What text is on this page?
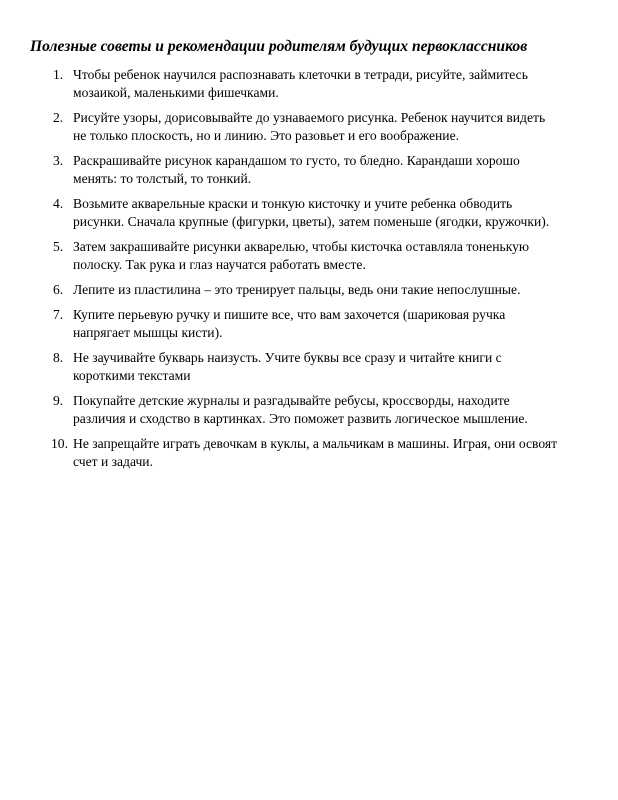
Полезные советы и рекомендации родителям будущих первоклассников
1. Чтобы ребенок научился распознавать клеточки в тетради, рисуйте, займитесь
мозаикой, маленькими фишечками.
2. Рисуйте узоры, дорисовывайте до узнаваемого рисунка. Ребенок научится видеть
не только плоскость, но и линию. Это разовьет и его воображение.
3. Раскрашивайте рисунок карандашом то густо, то бледно. Карандаши хорошо
менять: то толстый, то тонкий.
4. Возьмите акварельные краски и тонкую кисточку и учите ребенка обводить
рисунки. Сначала крупные (фигурки, цветы), затем поменьше (ягодки, кружочки).
5. Затем закрашивайте рисунки акварелью, чтобы кисточка оставляла тоненькую
полоску. Так рука и глаз научатся работать вместе.
6. Лепите из пластилина – это тренирует пальцы, ведь они такие непослушные.
7. Купите перьевую ручку и пишите все, что вам захочется (шариковая ручка
напрягает мышцы кисти).
8. Не заучивайте букварь наизусть. Учите буквы все сразу и читайте книги с
короткими текстами
9. Покупайте детские журналы и разгадывайте ребусы, кроссворды, находите
различия и сходство в картинках. Это поможет развить логическое мышление.
10. Не запрещайте играть девочкам в куклы, а мальчикам в машины. Играя, они освоят
счет и задачи.
